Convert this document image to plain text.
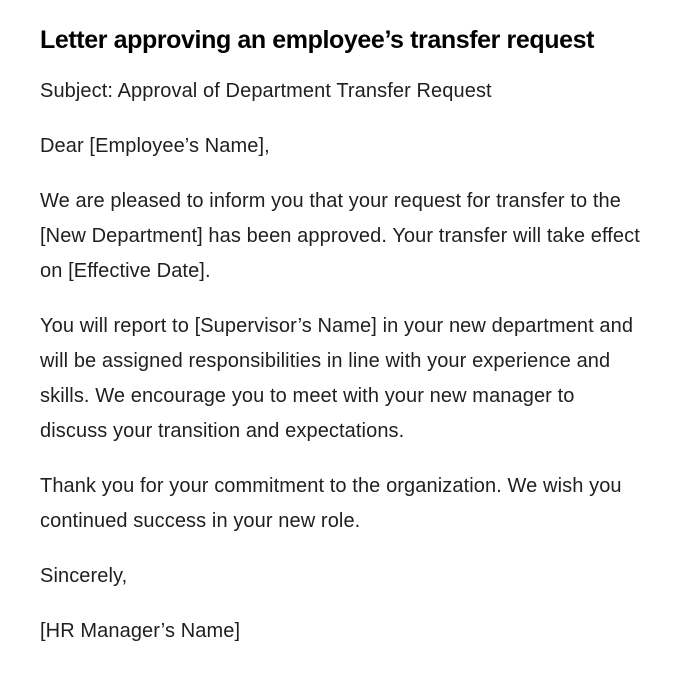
Letter approving an employee’s transfer request

Subject: Approval of Department Transfer Request

Dear [Employee’s Name],

We are pleased to inform you that your request for transfer to the [New Department] has been approved. Your transfer will take effect on [Effective Date].

You will report to [Supervisor’s Name] in your new department and will be assigned responsibilities in line with your experience and skills. We encourage you to meet with your new manager to discuss your transition and expectations.

Thank you for your commitment to the organization. We wish you continued success in your new role.

Sincerely,

[HR Manager’s Name]
